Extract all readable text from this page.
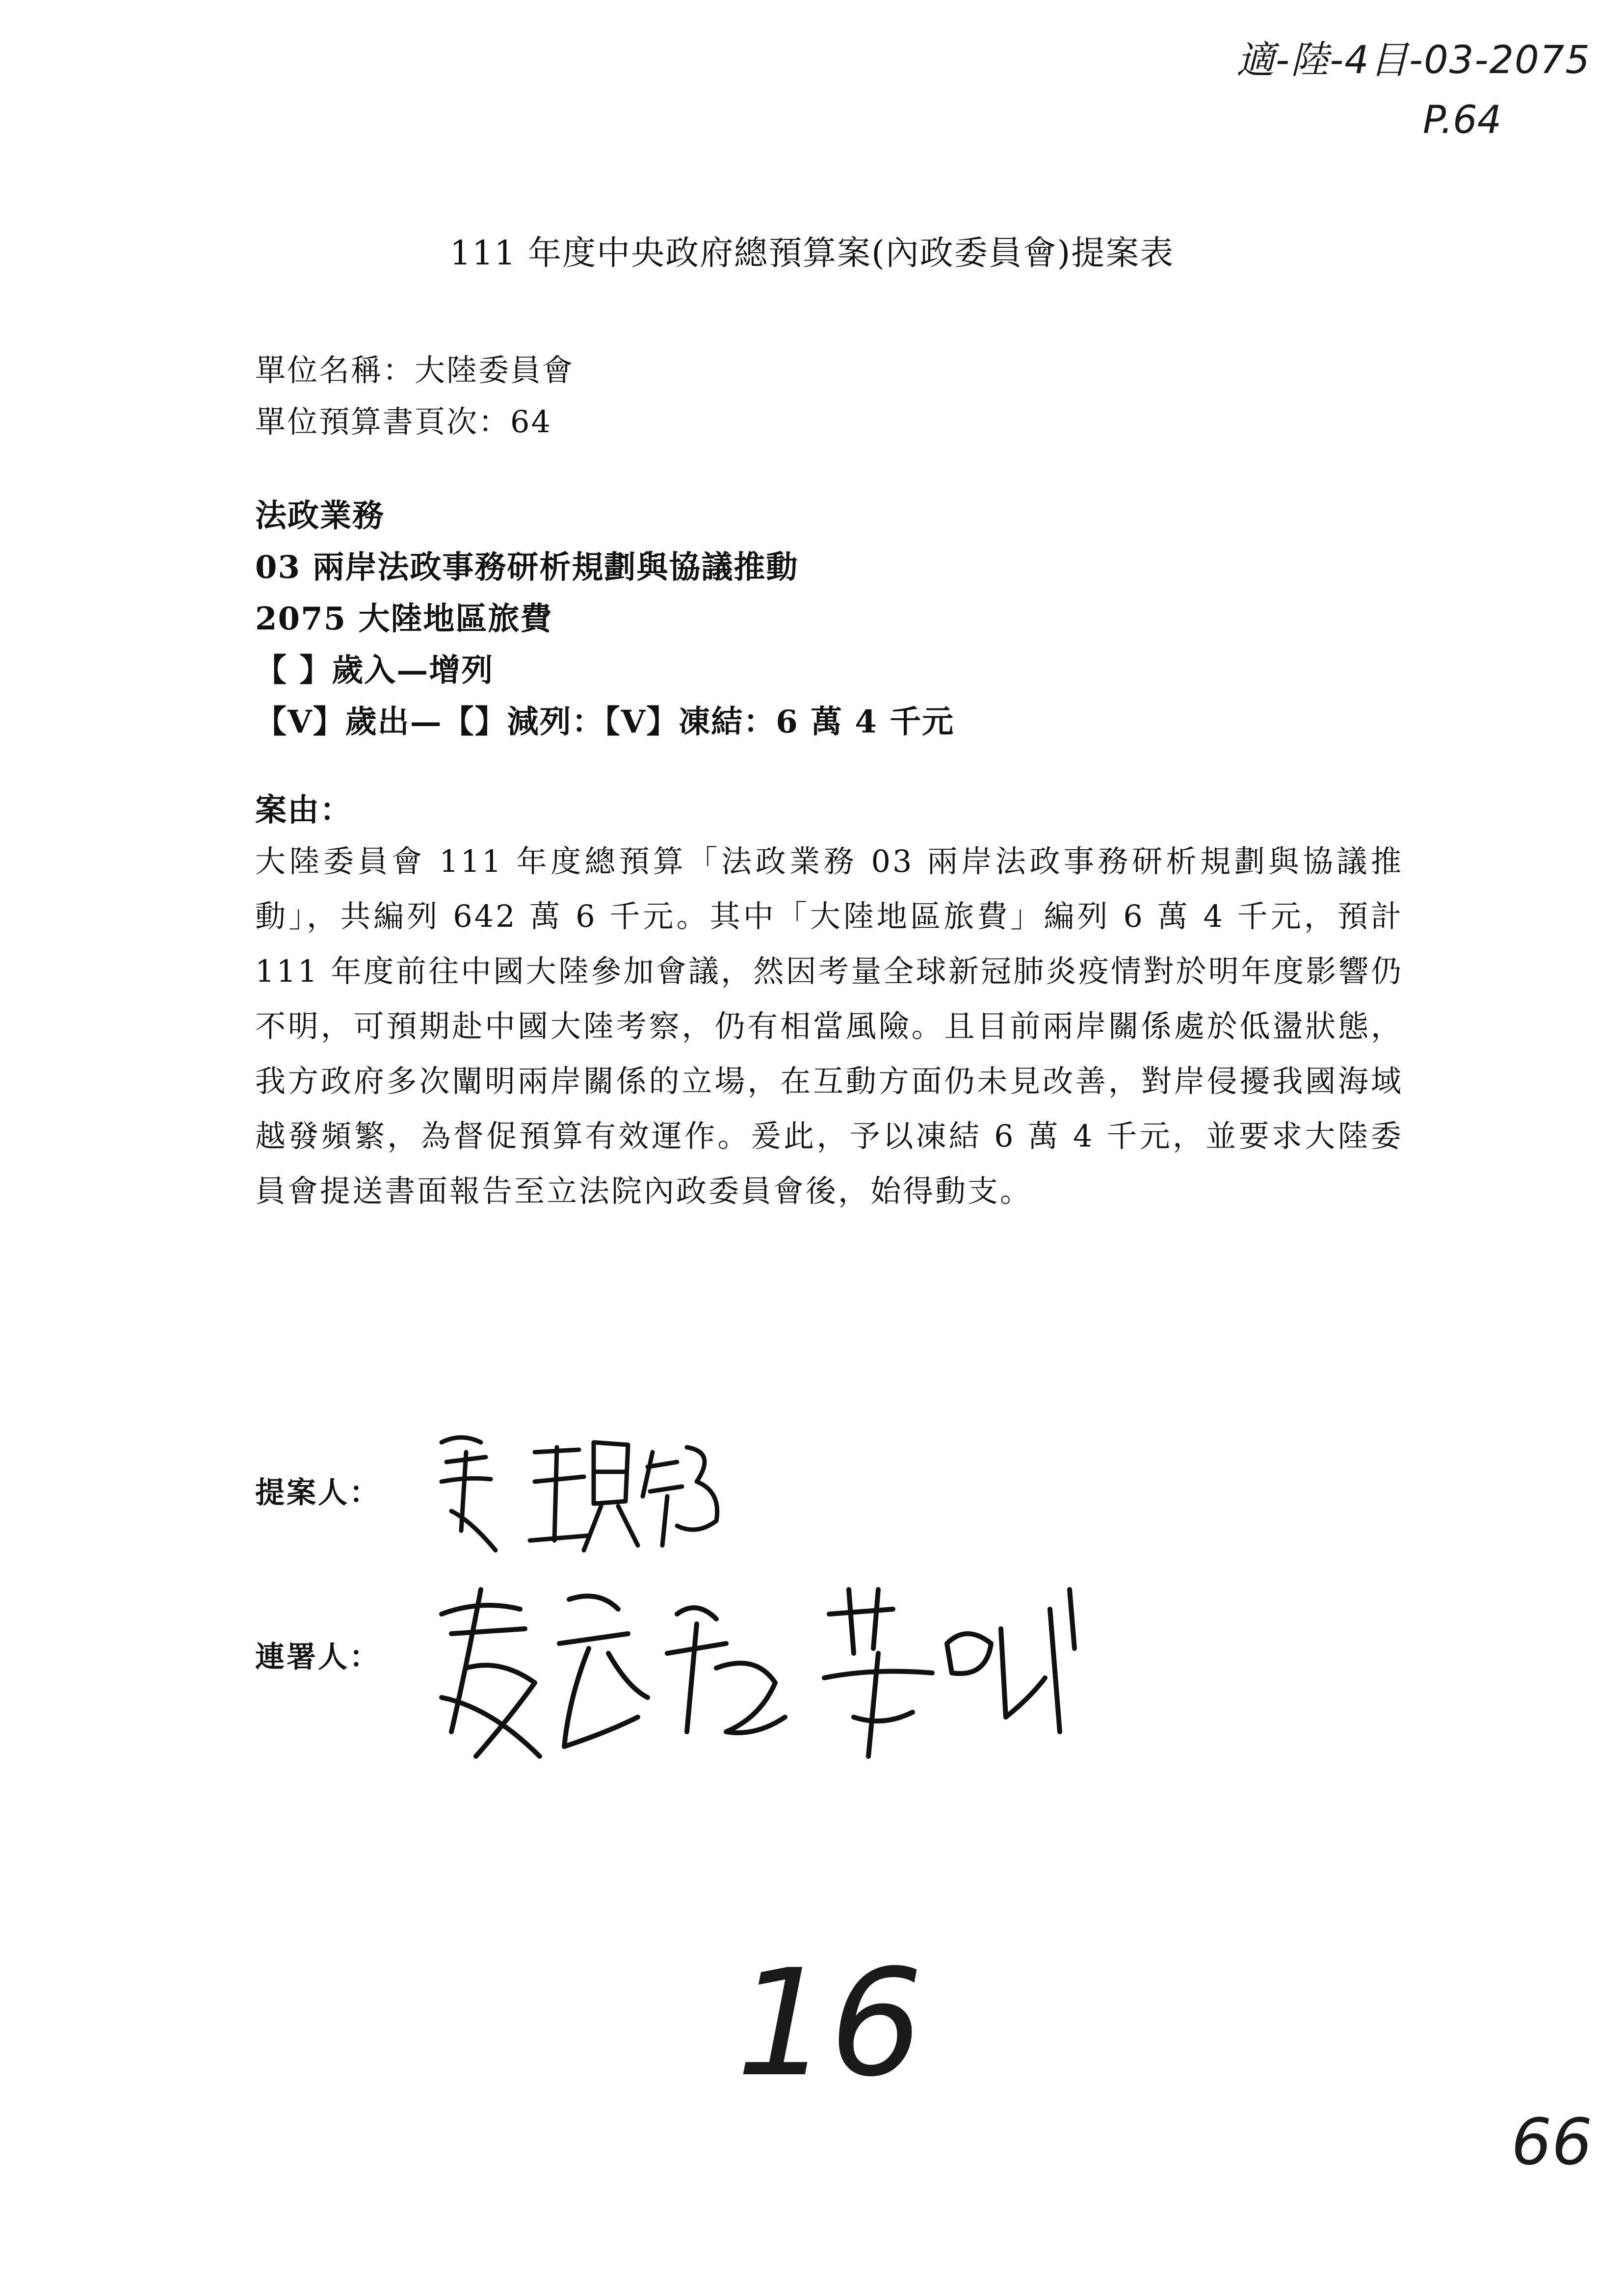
適-陸-4目-03-2075
P.64
111 年度中央政府總預算案(內政委員會)提案表
單位名稱：大陸委員會
單位預算書頁次：64
法政業務
03 兩岸法政事務研析規劃與協議推動
2075 大陸地區旅費
【 】歲入—增列
【V】歲出—【】減列：【V】凍結：6 萬 4 千元
案由：
大陸委員會 111 年度總預算「法政業務 03 兩岸法政事務研析規劃與協議推動」，共編列 642 萬 6 千元。其中「大陸地區旅費」編列 6 萬 4 千元，預計 111 年度前往中國大陸參加會議，然因考量全球新冠肺炎疫情對於明年度影響仍不明，可預期赴中國大陸考察，仍有相當風險。且目前兩岸關係處於低盪狀態，我方政府多次闡明兩岸關係的立場，在互動方面仍未見改善，對岸侵擾我國海域越發頻繁，為督促預算有效運作。爰此，予以凍結 6 萬 4 千元，並要求大陸委員會提送書面報告至立法院內政委員會後，始得動支。
提案人：
連署人：
16
66
